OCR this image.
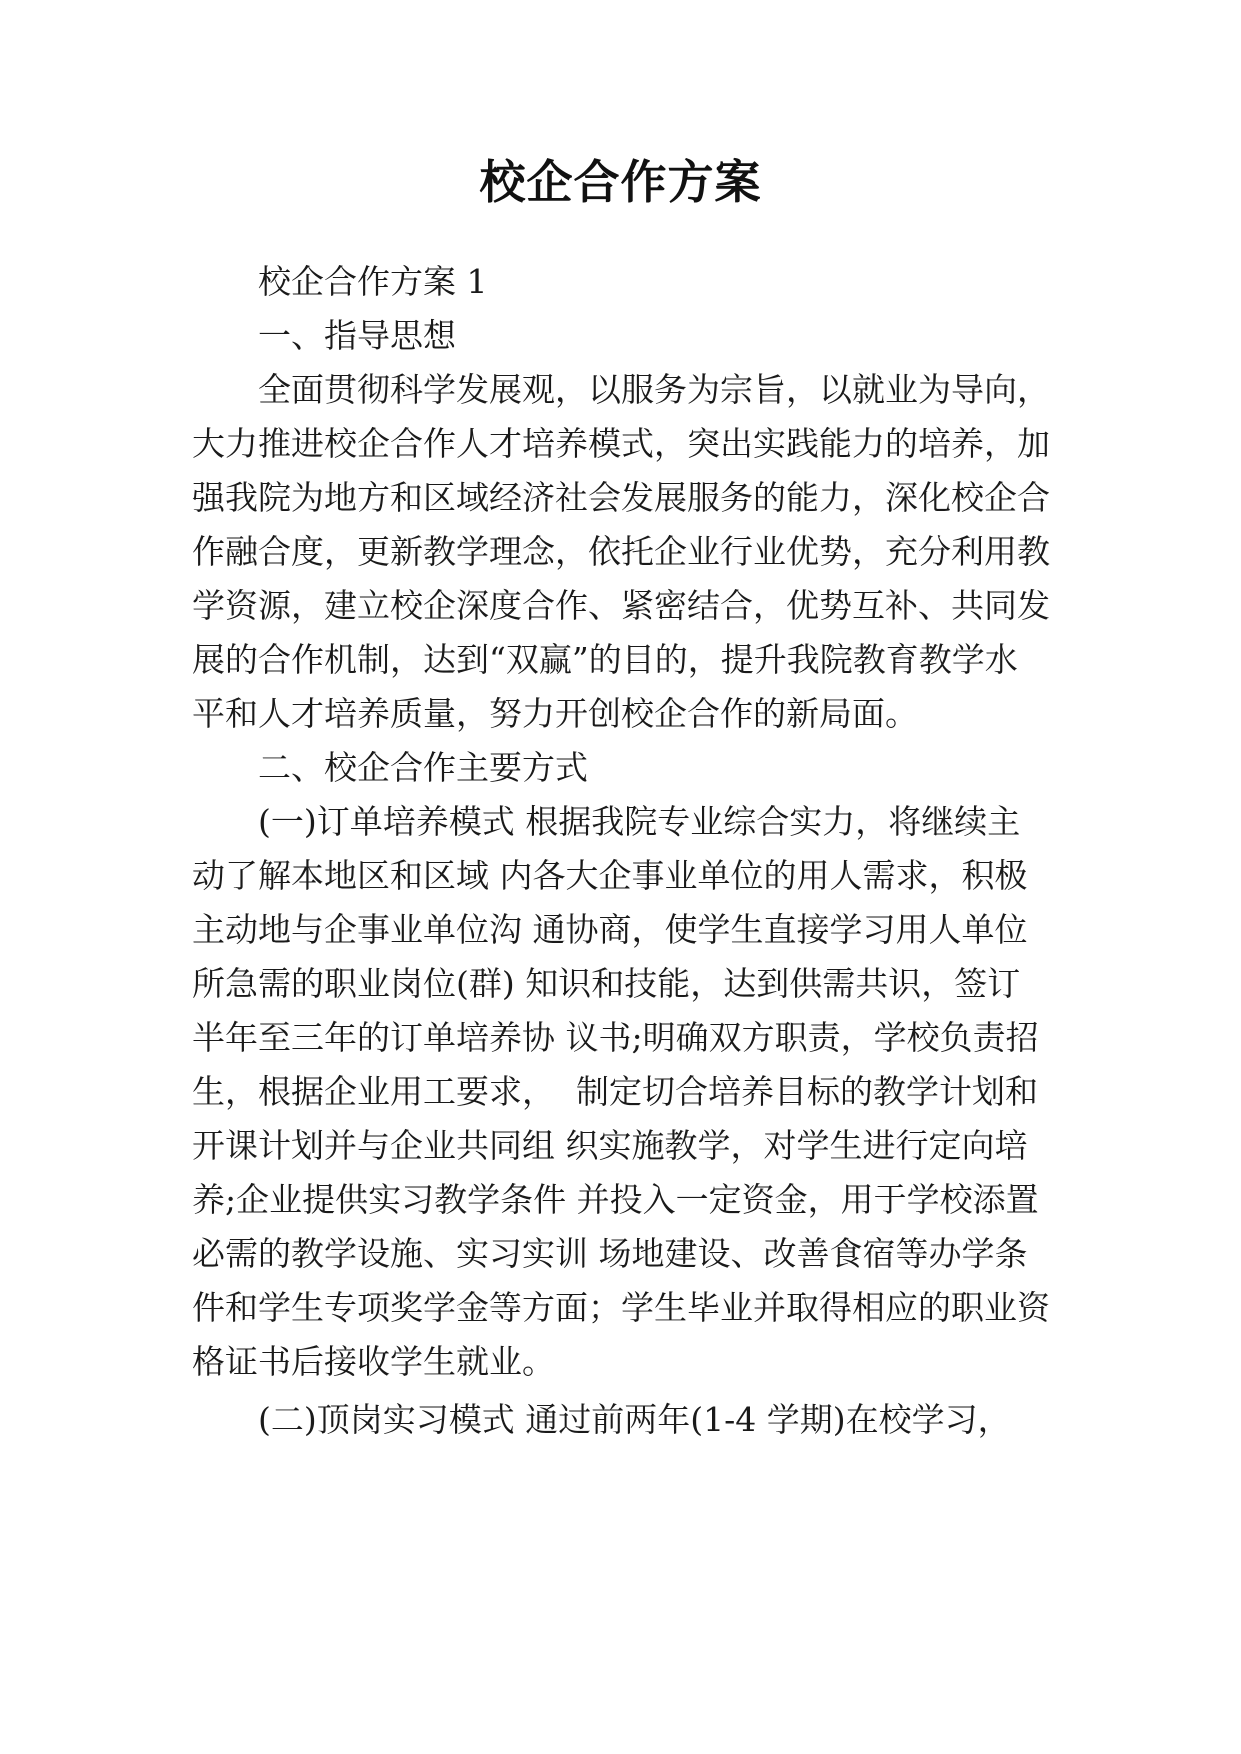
校企合作方案
校企合作方案 1
一、指导思想
全面贯彻科学发展观，以服务为宗旨，以就业为导向，
大力推进校企合作人才培养模式，突出实践能力的培养，加
强我院为地方和区域经济社会发展服务的能力，深化校企合
作融合度，更新教学理念，依托企业行业优势，充分利用教
学资源，建立校企深度合作、紧密结合，优势互补、共同发
展的合作机制，达到“双赢”的目的，提升我院教育教学水
平和人才培养质量，努力开创校企合作的新局面。
二、校企合作主要方式
(一)订单培养模式 根据我院专业综合实力，将继续主
动了解本地区和区域 内各大企事业单位的用人需求，积极
主动地与企事业单位沟 通协商，使学生直接学习用人单位
所急需的职业岗位(群) 知识和技能，达到供需共识，签订
半年至三年的订单培养协 议书;明确双方职责，学校负责招
生，根据企业用工要求，  制定切合培养目标的教学计划和
开课计划并与企业共同组 织实施教学，对学生进行定向培
养;企业提供实习教学条件 并投入一定资金，用于学校添置
必需的教学设施、实习实训 场地建设、改善食宿等办学条
件和学生专项奖学金等方面；学生毕业并取得相应的职业资
格证书后接收学生就业。
(二)顶岗实习模式 通过前两年(1-4 学期)在校学习，
